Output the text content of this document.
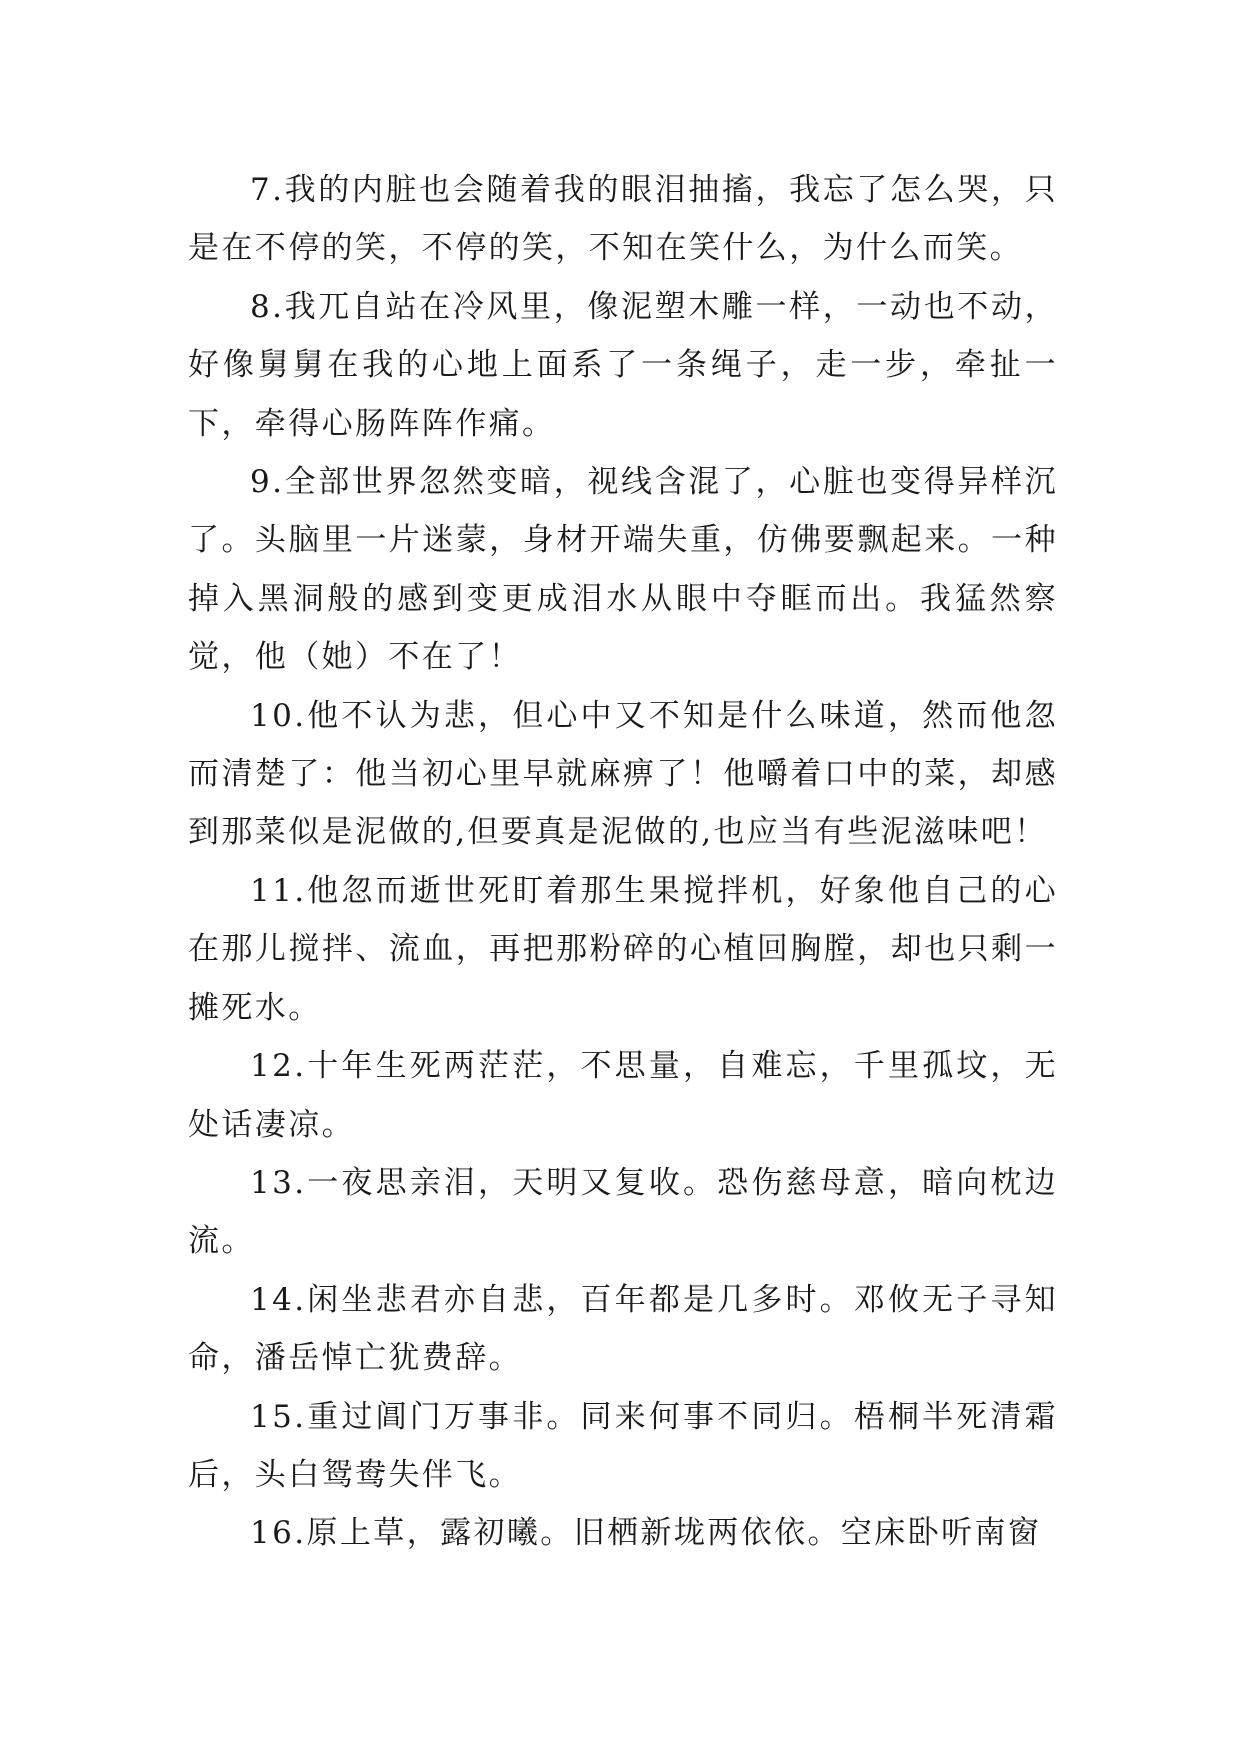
7.我的内脏也会随着我的眼泪抽搐，我忘了怎么哭，只是在不停的笑，不停的笑，不知在笑什么，为什么而笑。

8.我兀自站在冷风里，像泥塑木雕一样，一动也不动，好像舅舅在我的心地上面系了一条绳子，走一步，牵扯一下，牵得心肠阵阵作痛。

9.全部世界忽然变暗，视线含混了，心脏也变得异样沉了。头脑里一片迷蒙，身材开端失重，仿佛要飘起来。一种掉入黑洞般的感到变更成泪水从眼中夺眶而出。我猛然察觉，他（她）不在了！

10.他不认为悲，但心中又不知是什么味道，然而他忽而清楚了：他当初心里早就麻痹了！他嚼着口中的菜，却感到那菜似是泥做的,但要真是泥做的,也应当有些泥滋味吧！

11.他忽而逝世死盯着那生果搅拌机，好象他自己的心在那儿搅拌、流血，再把那粉碎的心植回胸膛，却也只剩一摊死水。

12.十年生死两茫茫，不思量，自难忘，千里孤坟，无处话凄凉。

13.一夜思亲泪，天明又复收。恐伤慈母意，暗向枕边流。

14.闲坐悲君亦自悲，百年都是几多时。邓攸无子寻知命，潘岳悼亡犹费辞。

15.重过阊门万事非。同来何事不同归。梧桐半死清霜后，头白鸳鸯失伴飞。

16.原上草，露初曦。旧栖新垅两依依。空床卧听南窗
